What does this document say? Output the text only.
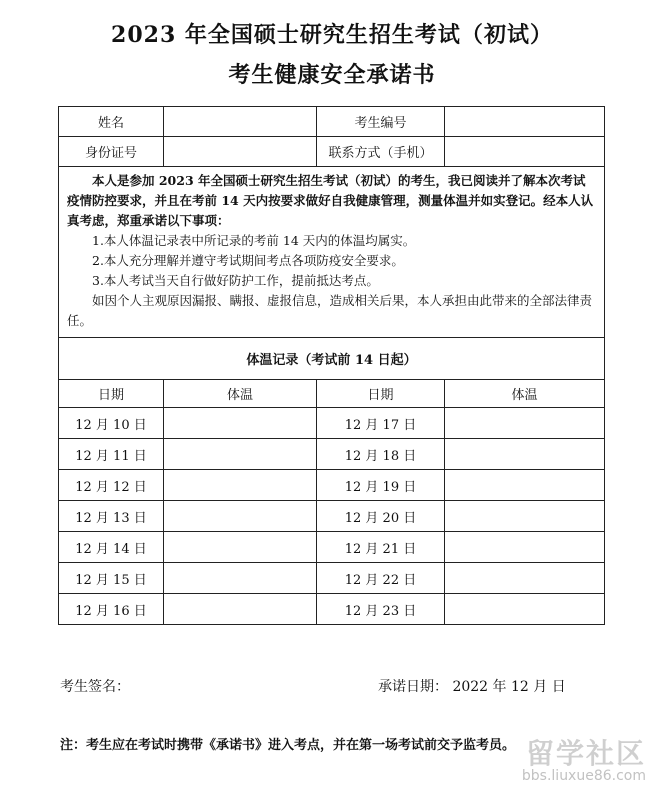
2023 年全国硕士研究生招生考试（初试）
考生健康安全承诺书
姓名		考生编号	
身份证号		联系方式（手机）	

本人是参加 2023 年全国硕士研究生招生考试（初试）的考生，我已阅读并了解本次考试疫情防控要求，并且在考前 14 天内按要求做好自我健康管理，测量体温并如实登记。经本人认真考虑，郑重承诺以下事项：

1.本人体温记录表中所记录的考前 14 天内的体温均属实。

2.本人充分理解并遵守考试期间考点各项防疫安全要求。

3.本人考试当天自行做好防护工作，提前抵达考点。

如因个人主观原因漏报、瞒报、虚报信息，造成相关后果，本人承担由此带来的全部法律责任。			

体温记录（考试前 14 日起）			
日期	体温	日期	体温
12 月 10 日		12 月 17 日	
12 月 11 日		12 月 18 日	
12 月 12 日		12 月 19 日	
12 月 13 日		12 月 20 日	
12 月 14 日		12 月 21 日	
12 月 15 日		12 月 22 日	
12 月 16 日		12 月 23 日	
考生签名：	承诺日期： 2022 年 12 月 日
注：考生应在考试时携带《承诺书》进入考点，并在第一场考试前交予监考员。 留学社区
bbs.liuxue86.com
